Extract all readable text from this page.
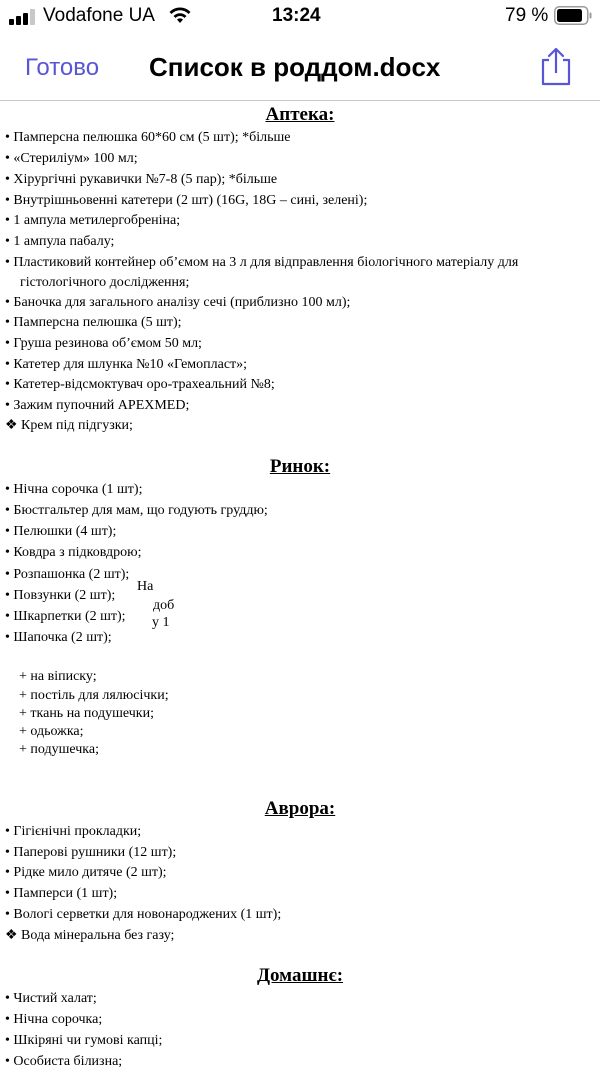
Vodafone UA	13:24	79 %
Готово Список в роддом.docx
Аптека:
• Памперсна пелюшка 60*60 см (5 шт); *більше
• «Стериліум» 100 мл;
• Хірургічні рукавички №7-8 (5 пар); *більше
• Внутрішньовенні катетери (2 шт) (16G, 18G – сині, зелені);
• 1 ампула метилергобреніна;
• 1 ампула пабалу;
• Пластиковий контейнер об’ємом на 3 л для відправлення біологічного матеріалу для
гістологічного дослідження;
• Баночка для загального аналізу сечі (приблизно 100 мл);
• Памперсна пелюшка (5 шт);
• Груша резинова об’ємом 50 мл;
• Катетер для шлунка №10 «Гемопласт»;
• Катетер-відсмоктувач оро-трахеальний №8;
• Зажим пупочний APEXMED;
❖ Крем під підгузки;
Ринок:
• Нічна сорочка (1 шт);
• Бюстгальтер для мам, що годують груддю;
• Пелюшки (4 шт);
• Ковдра з підковдрою;
• Розпашонка (2 шт);
• Повзунки (2 шт);
• Шкарпетки (2 шт);
• Шапочка (2 шт);
На
доб
у 1
+ на віписку;
+ постіль для лялюсічки;
+ ткань на подушечки;
+ одьожка;
+ подушечка;
Аврора:
• Гігієнічні прокладки;
• Паперові рушники (12 шт);
• Рідке мило дитяче (2 шт);
• Памперси (1 шт);
• Вологі серветки для новонароджених (1 шт);
❖ Вода мінеральна без газу;
Домашнє:
• Чистий халат;
• Нічна сорочка;
• Шкіряні чи гумові капці;
• Особиста білизна;
